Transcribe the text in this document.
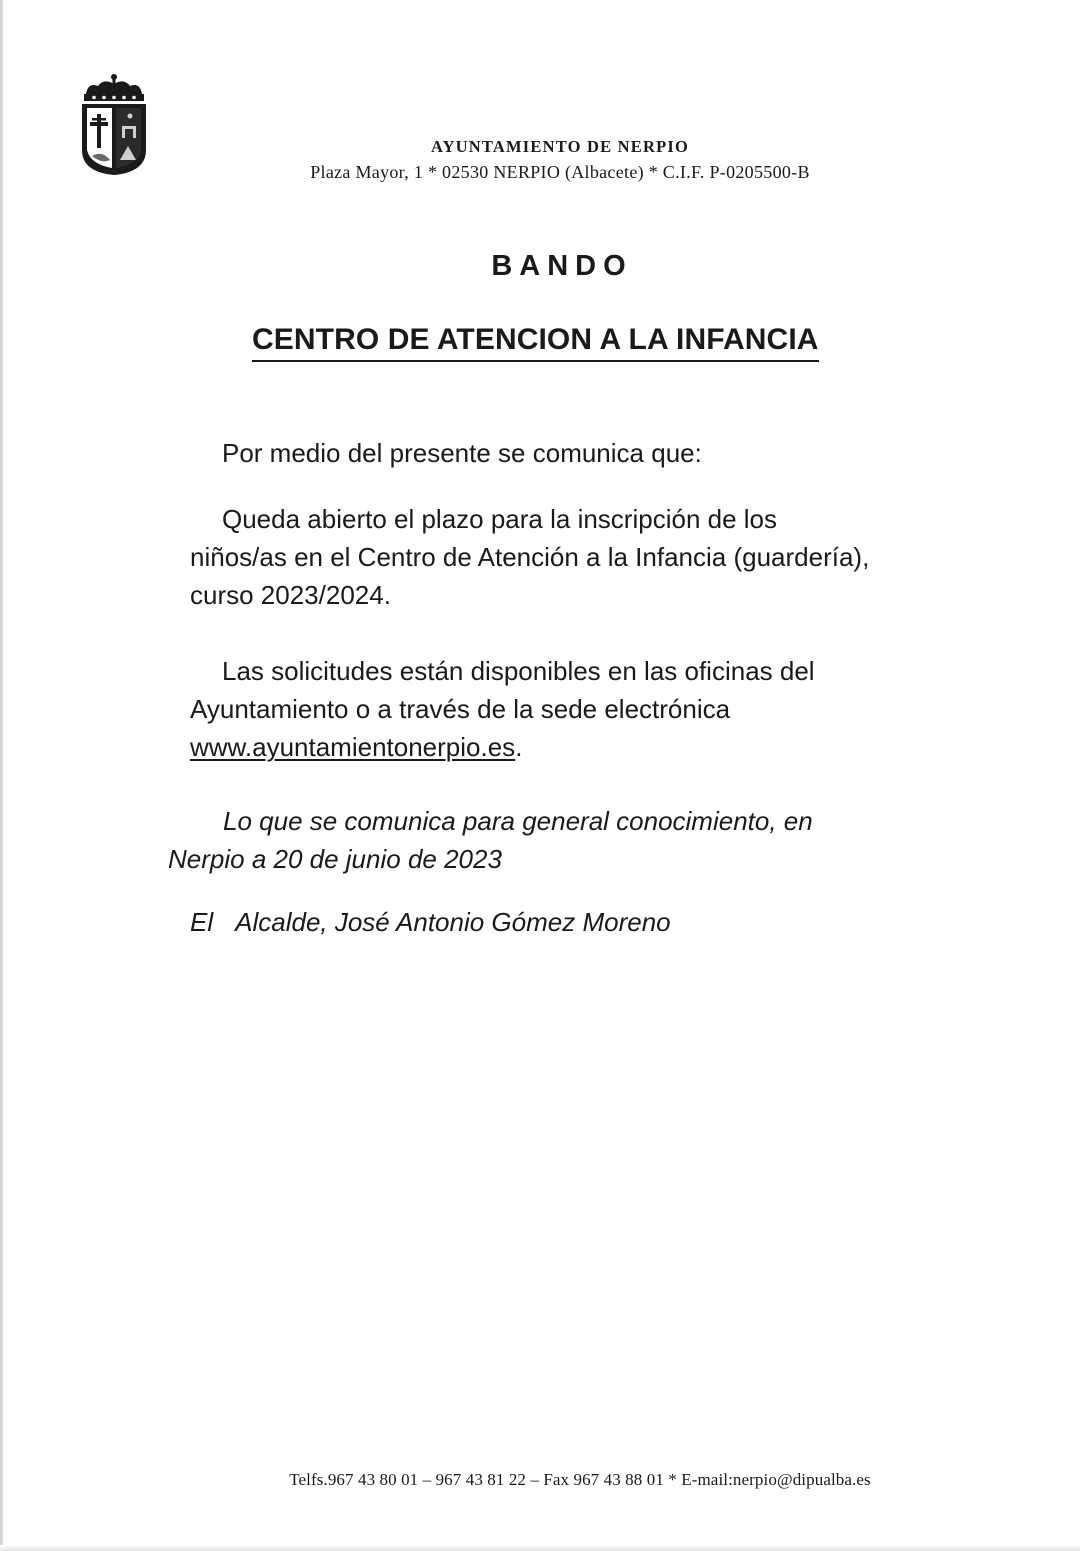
AYUNTAMIENTO DE NERPIO
Plaza Mayor, 1 * 02530 NERPIO (Albacete) * C.I.F. P-0205500-B
BANDO
CENTRO DE ATENCION A LA INFANCIA
Por medio del presente se comunica que:
Queda abierto el plazo para la inscripción de los
niños/as en el Centro de Atención a la Infancia (guardería),
curso 2023/2024.
Las solicitudes están disponibles en las oficinas del
Ayuntamiento o a través de la sede electrónica
www.ayuntamientonerpio.es.
Lo que se comunica para general conocimiento, en
Nerpio a 20 de junio de 2023
El Alcalde, José Antonio Gómez Moreno
Telfs.967 43 80 01 – 967 43 81 22 – Fax 967 43 88 01 * E-mail:nerpio@dipualba.es
